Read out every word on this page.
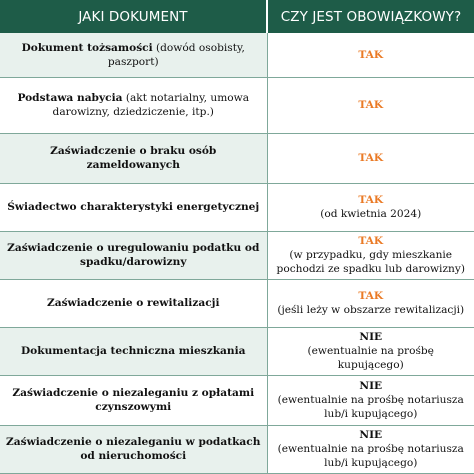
JAKI DOKUMENT	CZY JEST OBOWIĄZKOWY?
Dokument tożsamości (dowód osobisty, paszport)	TAK

Podstawa nabycia (akt notarialny, umowa darowizny, dziedziczenie, itp.)	TAK

Zaświadczenie o braku osób zameldowanych	TAK

Świadectwo charakterystyki energetycznej	TAK
(od kwietnia 2024)

Zaświadczenie o uregulowaniu podatku od spadku/darowizny	TAK
(w przypadku, gdy mieszkanie pochodzi ze spadku lub darowizny)

Zaświadczenie o rewitalizacji	TAK
(jeśli leży w obszarze rewitalizacji)

Dokumentacja techniczna mieszkania	NIE
(ewentualnie na prośbę kupującego)

Zaświadczenie o niezaleganiu z opłatami czynszowymi	NIE
(ewentualnie na prośbę notariusza lub/i kupującego)

Zaświadczenie o niezaleganiu w podatkach od nieruchomości	NIE
(ewentualnie na prośbę notariusza lub/i kupującego)
